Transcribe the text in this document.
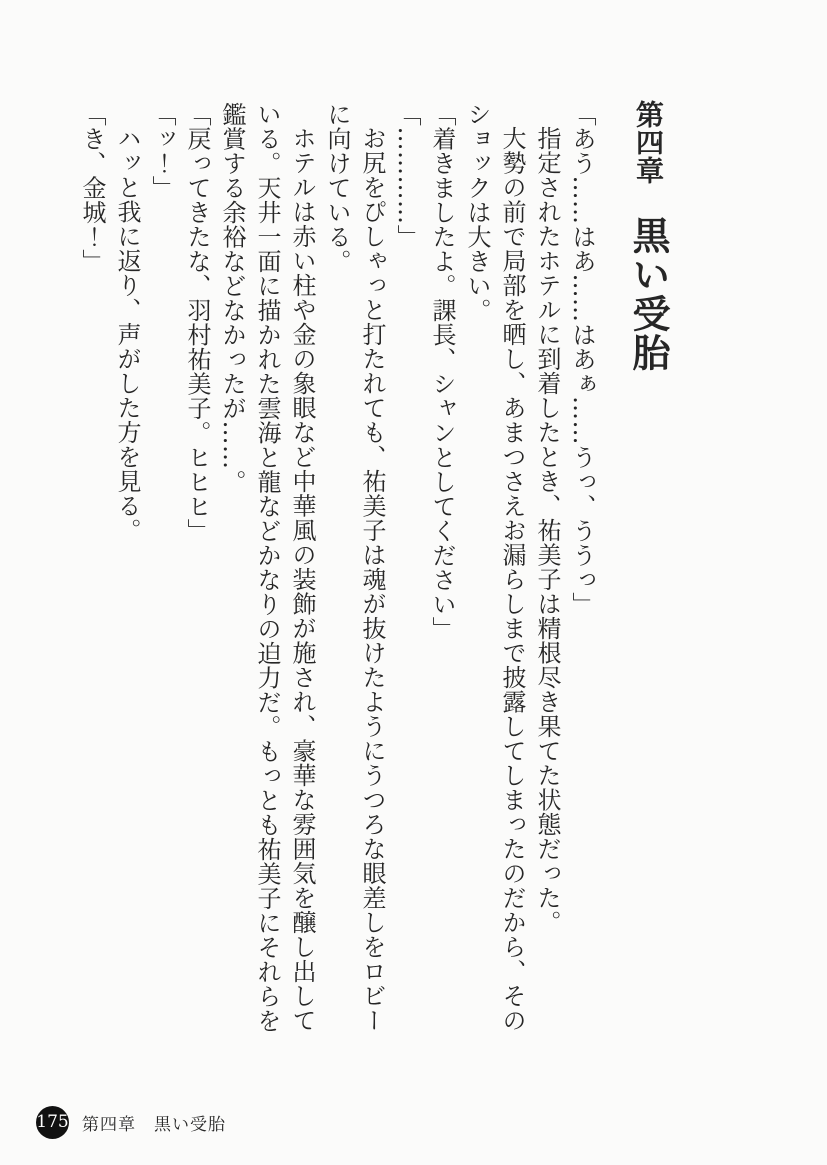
第四章 黒い受胎

「あう……はあ……はあぁ……うっ、ううっ」

指定されたホテルに到着したとき、祐美子は精根尽き果てた状態だった。

大勢の前で局部を晒し、あまつさえお漏らしまで披露してしまったのだから、その

ショックは大きい。

「着きましたよ。課長、シャンとしてください」

「…………」

お尻をぴしゃっと打たれても、祐美子は魂が抜けたようにうつろな眼差しをロビー

に向けている。

ホテルは赤い柱や金の象眼など中華風の装飾が施され、豪華な雰囲気を醸し出して

いる。天井一面に描かれた雲海と龍などかなりの迫力だ。もっとも祐美子にそれらを

鑑賞する余裕などなかったが……。

「戻ってきたな、羽村祐美子。ヒヒヒ」

「ッ！」

ハッと我に返り、声がした方を見る。

「き、金城！」

175 第四章　黒い受胎
